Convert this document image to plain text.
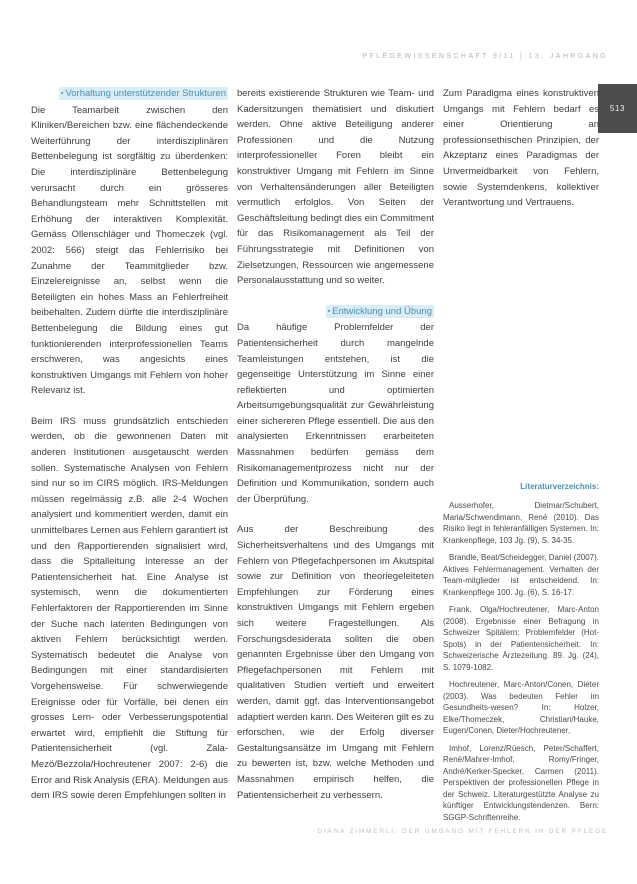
PFLEGEWISSENSCHAFT 9/11 | 13. JAHRGANG
513
▪ Vorhaltung unterstützender Strukturen

Die Teamarbeit zwischen den Kliniken/Bereichen bzw. eine flächendeckende Weiterführung der interdisziplinären Bettenbelegung ist sorgfältig zu überdenken: Die interdisziplinäre Bettenbelegung verursacht durch ein grösseres Behandlungsteam mehr Schnittstellen mit Erhöhung der interaktiven Komplexität. Gemäss Ollenschläger und Thomeczek (vgl. 2002: 566) steigt das Fehlerrisiko bei Zunahme der Teammitglieder bzw. Einzelereignisse an, selbst wenn die Beteiligten ein hohes Mass an Fehlerfreiheit beibehalten. Zudem dürfte die interdisziplinäre Bettenbelegung die Bildung eines gut funktionierenden interprofessionellen Teams erschweren, was angesichts eines konstruktiven Umgangs mit Fehlern von hoher Relevanz ist.

Beim IRS muss grundsätzlich entschieden werden, ob die gewonnenen Daten mit anderen Institutionen ausgetauscht werden sollen. Systematische Analysen von Fehlern sind nur so im CIRS möglich. IRS-Meldungen müssen regelmässig z.B. alle 2-4 Wochen analysiert und kommentiert werden, damit ein unmittelbares Lernen aus Fehlern garantiert ist und den Rapportierenden signalisiert wird, dass die Spitalleitung Interesse an der Patientensicherheit hat. Eine Analyse ist systemisch, wenn die dokumentierten Fehlerfaktoren der Rapportierenden im Sinne der Suche nach latenten Bedingungen von aktiven Fehlern berücksichtigt werden. Systematisch bedeutet die Analyse von Bedingungen mit einer standardisierten Vorgehensweise. Für schwerwiegende Ereignisse oder für Vorfälle, bei denen ein grosses Lern- oder Verbesserungspotential erwartet wird, empfiehlt die Stiftung für Patientensicherheit (vgl. Zala-Mezö/Bezzola/Hochreutener 2007: 2-6) die Error and Risk Analysis (ERA). Meldungen aus dem IRS sowie deren Empfehlungen sollten in

bereits existierende Strukturen wie Team- und Kadersitzungen thematisiert und diskutiert werden. Ohne aktive Beteiligung anderer Professionen und die Nutzung interprofessioneller Foren bleibt ein konstruktiver Umgang mit Fehlern im Sinne von Verhaltensänderungen aller Beteiligten vermutlich erfolglos. Von Seiten der Geschäftsleitung bedingt dies ein Commitment für das Risikomanagement als Teil der Führungsstrategie mit Definitionen von Zielsetzungen, Ressourcen wie angemessene Personalausstattung und so weiter.

▪ Entwicklung und Übung

Da häufige Problemfelder der Patientensicherheit durch mangelnde Teamleistungen entstehen, ist die gegenseitige Unterstützung im Sinne einer reflektierten und optimierten Arbeitsumgebungsqualität zur Gewährleistung einer sichereren Pflege essentiell. Die aus den analysierten Erkenntnissen erarbeiteten Massnahmen bedürfen gemäss dem Risikomanagementprozess nicht nur der Definition und Kommunikation, sondern auch der Überprüfung.

Aus der Beschreibung des Sicherheitsverhaltens und des Umgangs mit Fehlern von Pflegefachpersonen im Akutspital sowie zur Definition von theoriegeleiteten Empfehlungen zur Förderung eines konstruktiven Umgangs mit Fehlern ergeben sich weitere Fragestellungen. Als Forschungsdesiderata sollten die oben genannten Ergebnisse über den Umgang von Pflegefachpersonen mit Fehlern mit qualitativen Studien vertieft und erweitert werden, damit ggf. das Interventionsangebot adaptiert werden kann. Des Weiteren gilt es zu erforschen, wie der Erfolg diverser Gestaltungsansätze im Umgang mit Fehlern zu bewerten ist, bzw. welche Methoden und Massnahmen empirisch helfen, die Patientensicherheit zu verbessern.

Zum Paradigma eines konstruktiven Umgangs mit Fehlern bedarf es einer Orientierung an professionsethischen Prinzipien, der Akzeptanz eines Paradigmas der Unvermeidbarkeit von Fehlern, sowie Systemdenkens, kollektiver Verantwortung und Vertrauens.

Literaturverzeichnis:

Ausserhofer, Dietmar/Schubert, Maria/Schwendimann, René (2010). Das Risiko liegt in fehleranfälligen Systemen. In: Krankenpflege, 103 Jg. (9), S. 34-35.

Brandle, Beat/Scheidegger, Daniel (2007). Aktives Fehlermanagement. Verhalten der Team-mitglieder ist entscheidend. In: Krankenpflege 100. Jg. (6), S. 16-17.

Frank, Olga/Hochreutener, Marc-Anton (2008). Ergebnisse einer Befragung in Schweizer Spitälern: Problemfelder (Hot-Spots) in der Patientensicherheit. In: Schweizerische Ärztezeitung. 89. Jg. (24), S. 1079-1082.

Hochreutener, Marc-Anton/Conen, Dieter (2003). Was bedeuten Fehler im Gesundheits-wesen? In: Holzer, Elke/Thomeczek, Christian/Hauke, Eugen/Conen, Dieter/Hochreutener,

Imhof, Lorenz/Rüesch, Peter/Schaffert, René/Mahrer-Imhof, Romy/Fringer, André/Kerker-Specker, Carmen (2011). Perspektiven der professionellen Pflege in der Schweiz. Literaturgestützte Analyse zu künftiger Entwicklungstendenzen. Bern: SGGP-Schriftenreihe.

DIANA ZIMMERLI: DER UMGANG MIT FEHLERN IN DER PFLEGE
